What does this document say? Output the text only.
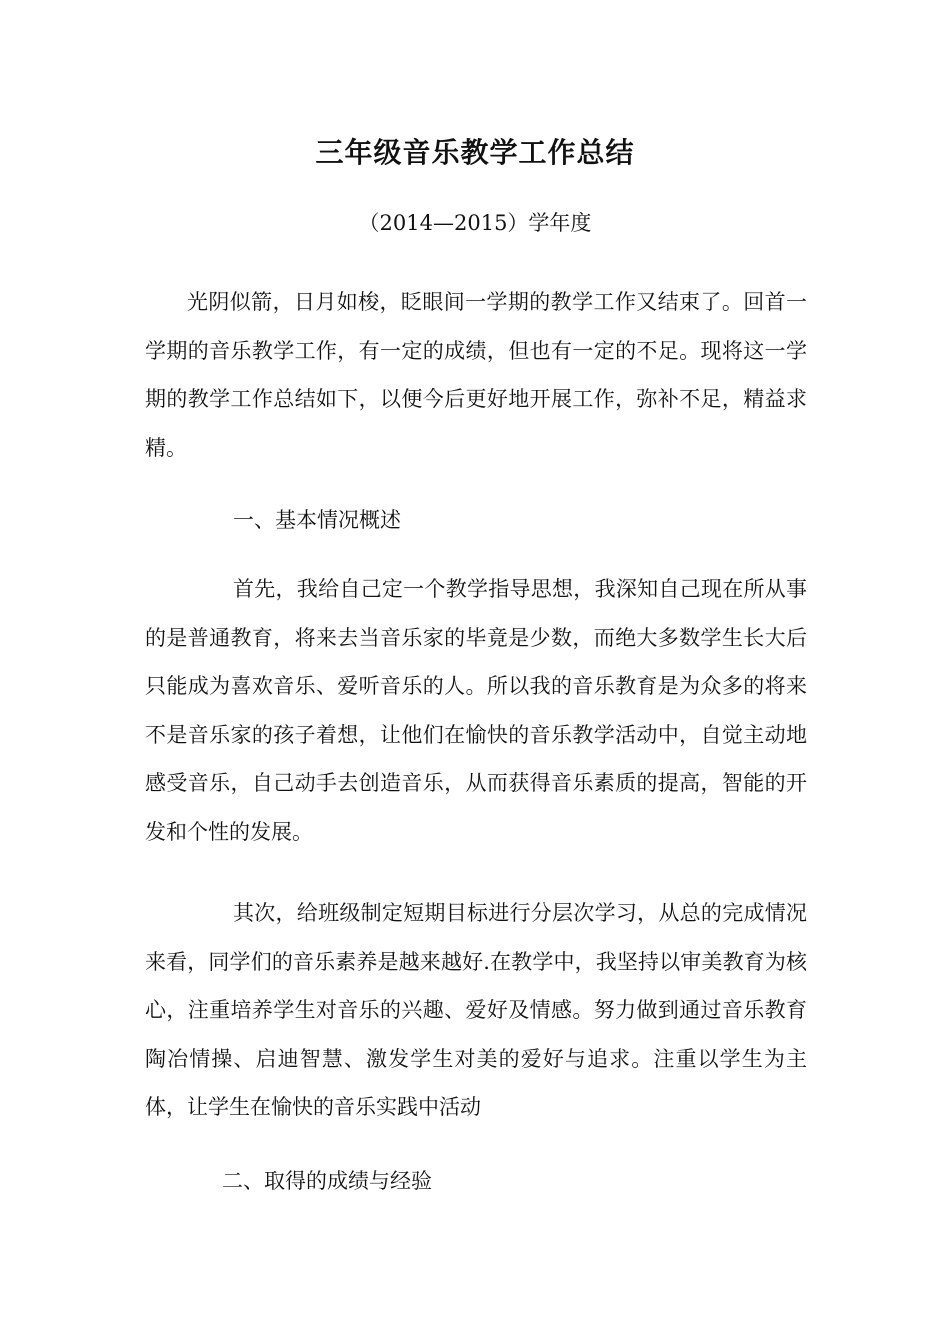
三年级音乐教学工作总结
（2014—2015）学年度

光阴似箭，日月如梭，眨眼间一学期的教学工作又结束了。回首一学期的音乐教学工作，有一定的成绩，但也有一定的不足。现将这一学期的教学工作总结如下，以便今后更好地开展工作，弥补不足，精益求精。

一、基本情况概述

首先，我给自己定一个教学指导思想，我深知自己现在所从事的是普通教育，将来去当音乐家的毕竟是少数，而绝大多数学生长大后只能成为喜欢音乐、爱听音乐的人。所以我的音乐教育是为众多的将来不是音乐家的孩子着想，让他们在愉快的音乐教学活动中，自觉主动地感受音乐，自己动手去创造音乐，从而获得音乐素质的提高，智能的开发和个性的发展。

其次，给班级制定短期目标进行分层次学习，从总的完成情况来看，同学们的音乐素养是越来越好.在教学中，我坚持以审美教育为核心，注重培养学生对音乐的兴趣、爱好及情感。努力做到通过音乐教育陶冶情操、启迪智慧、激发学生对美的爱好与追求。注重以学生为主体，让学生在愉快的音乐实践中活动

二、取得的成绩与经验
